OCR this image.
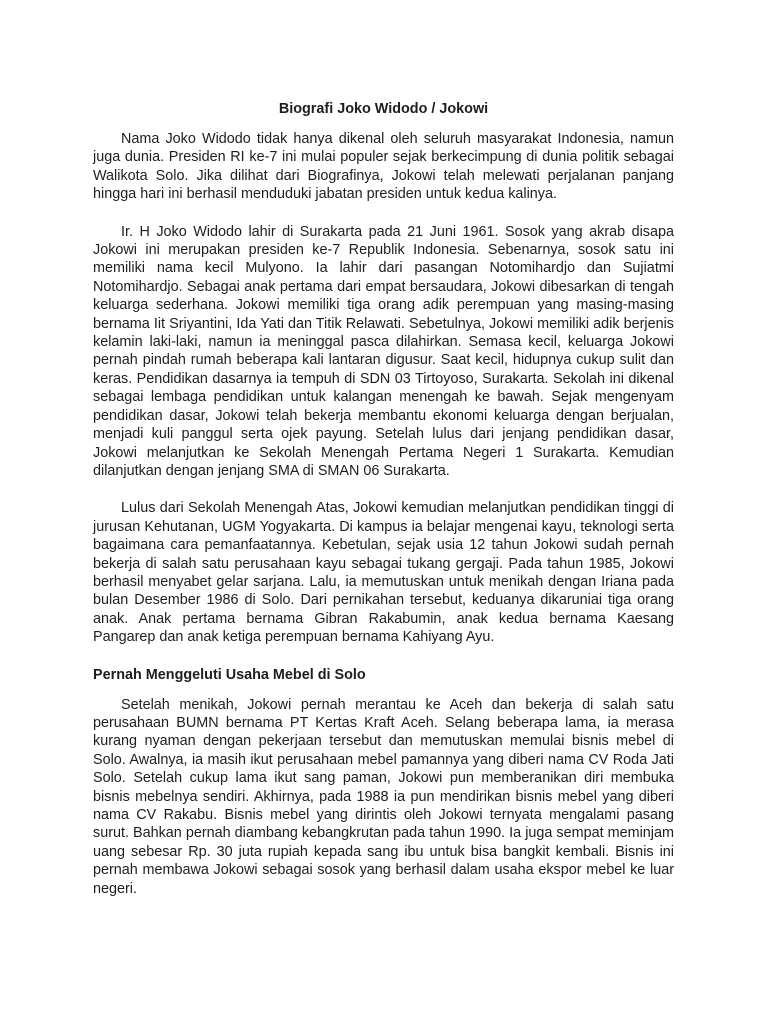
Biografi Joko Widodo / Jokowi

Nama Joko Widodo tidak hanya dikenal oleh seluruh masyarakat Indonesia, namun juga dunia. Presiden RI ke-7 ini mulai populer sejak berkecimpung di dunia politik sebagai Walikota Solo. Jika dilihat dari Biografinya, Jokowi telah melewati perjalanan panjang hingga hari ini berhasil menduduki jabatan presiden untuk kedua kalinya.

Ir. H Joko Widodo lahir di Surakarta pada 21 Juni 1961. Sosok yang akrab disapa Jokowi ini merupakan presiden ke-7 Republik Indonesia. Sebenarnya, sosok satu ini memiliki nama kecil Mulyono. Ia lahir dari pasangan Notomihardjo dan Sujiatmi Notomihardjo. Sebagai anak pertama dari empat bersaudara, Jokowi dibesarkan di tengah keluarga sederhana. Jokowi memiliki tiga orang adik perempuan yang masing-masing bernama Iit Sriyantini, Ida Yati dan Titik Relawati. Sebetulnya, Jokowi memiliki adik berjenis kelamin laki-laki, namun ia meninggal pasca dilahirkan. Semasa kecil, keluarga Jokowi pernah pindah rumah beberapa kali lantaran digusur. Saat kecil, hidupnya cukup sulit dan keras. Pendidikan dasarnya ia tempuh di SDN 03 Tirtoyoso, Surakarta. Sekolah ini dikenal sebagai lembaga pendidikan untuk kalangan menengah ke bawah. Sejak mengenyam pendidikan dasar, Jokowi telah bekerja membantu ekonomi keluarga dengan berjualan, menjadi kuli panggul serta ojek payung. Setelah lulus dari jenjang pendidikan dasar, Jokowi melanjutkan ke Sekolah Menengah Pertama Negeri 1 Surakarta. Kemudian dilanjutkan dengan jenjang SMA di SMAN 06 Surakarta.

Lulus dari Sekolah Menengah Atas, Jokowi kemudian melanjutkan pendidikan tinggi di jurusan Kehutanan, UGM Yogyakarta. Di kampus ia belajar mengenai kayu, teknologi serta bagaimana cara pemanfaatannya. Kebetulan, sejak usia 12 tahun Jokowi sudah pernah bekerja di salah satu perusahaan kayu sebagai tukang gergaji. Pada tahun 1985, Jokowi berhasil menyabet gelar sarjana. Lalu, ia memutuskan untuk menikah dengan Iriana pada bulan Desember 1986 di Solo. Dari pernikahan tersebut, keduanya dikaruniai tiga orang anak. Anak pertama bernama Gibran Rakabumin, anak kedua bernama Kaesang Pangarep dan anak ketiga perempuan bernama Kahiyang Ayu.

Pernah Menggeluti Usaha Mebel di Solo

Setelah menikah, Jokowi pernah merantau ke Aceh dan bekerja di salah satu perusahaan BUMN bernama PT Kertas Kraft Aceh. Selang beberapa lama, ia merasa kurang nyaman dengan pekerjaan tersebut dan memutuskan memulai bisnis mebel di Solo. Awalnya, ia masih ikut perusahaan mebel pamannya yang diberi nama CV Roda Jati Solo. Setelah cukup lama ikut sang paman, Jokowi pun memberanikan diri membuka bisnis mebelnya sendiri. Akhirnya, pada 1988 ia pun mendirikan bisnis mebel yang diberi nama CV Rakabu. Bisnis mebel yang dirintis oleh Jokowi ternyata mengalami pasang surut. Bahkan pernah diambang kebangkrutan pada tahun 1990. Ia juga sempat meminjam uang sebesar Rp. 30 juta rupiah kepada sang ibu untuk bisa bangkit kembali. Bisnis ini pernah membawa Jokowi sebagai sosok yang berhasil dalam usaha ekspor mebel ke luar negeri.
